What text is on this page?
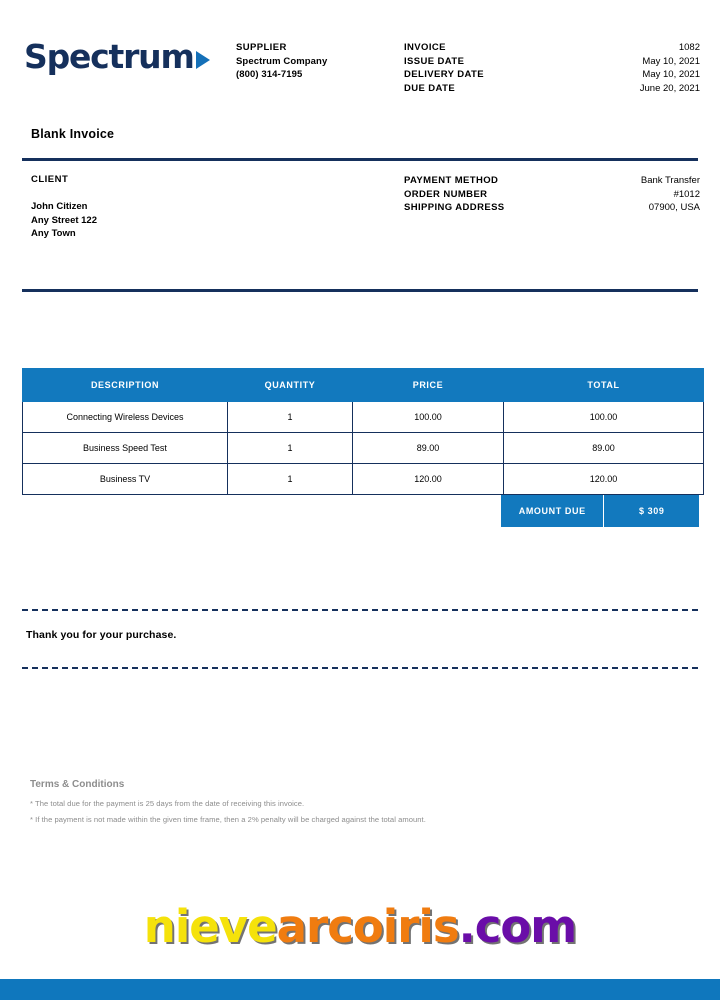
Spectrum	SUPPLIER
Spectrum Company
(800) 314-7195
INVOICE	1082
ISSUE DATE	May 10, 2021
DELIVERY DATE	May 10, 2021
DUE DATE	June 20, 2021
Blank Invoice
CLIENT
John Citizen
Any Street 122
Any Town
PAYMENT METHOD	Bank Transfer
ORDER NUMBER	#1012
SHIPPING ADDRESS	07900, USA
DESCRIPTION	QUANTITY	PRICE	TOTAL
Connecting Wireless Devices	1	100.00	100.00
Business Speed Test	1	89.00	89.00
Business TV	1	120.00	120.00
AMOUNT DUE	$ 309
Thank you for your purchase.
Terms & Conditions
* The total due for the payment is 25 days from the date of receiving this invoice.
* If the payment is not made within the given time frame, then a 2% penalty will be charged against the total amount.
nievearcoiris.com
